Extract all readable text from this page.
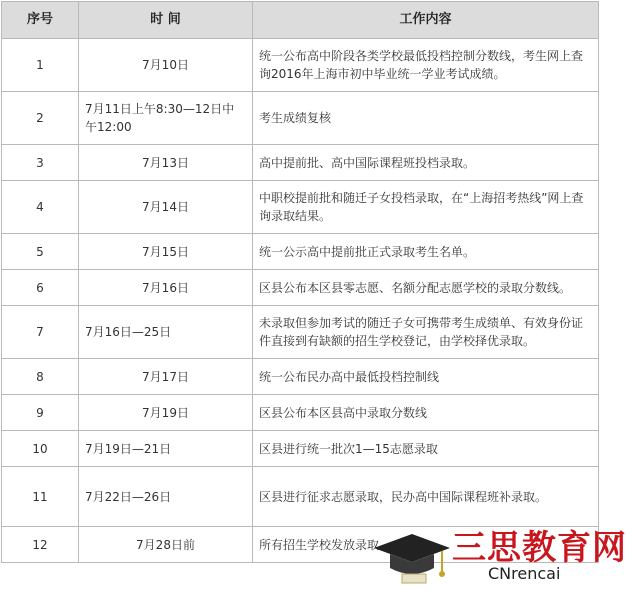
序号	时 间	工作内容
1	7月10日	统一公布高中阶段各类学校最低投档控制分数线，考生网上查询2016年上海市初中毕业统一学业考试成绩。
2	7月11日上午8:30—12日中午12:00	考生成绩复核
3	7月13日	高中提前批、高中国际课程班投档录取。
4	7月14日	中职校提前批和随迁子女投档录取，在“上海招考热线”网上查询录取结果。
5	7月15日	统一公示高中提前批正式录取考生名单。
6	7月16日	区县公布本区县零志愿、名额分配志愿学校的录取分数线。
7	7月16日—25日	未录取但参加考试的随迁子女可携带考生成绩单、有效身份证件直接到有缺额的招生学校登记，由学校择优录取。
8	7月17日	统一公布民办高中最低投档控制线
9	7月19日	区县公布本区县高中录取分数线
10	7月19日—21日	区县进行统一批次1—15志愿录取
11	7月22日—26日	区县进行征求志愿录取，民办高中国际课程班补录取。
12	7月28日前	所有招生学校发放录取 三思教育网
CNrencai
